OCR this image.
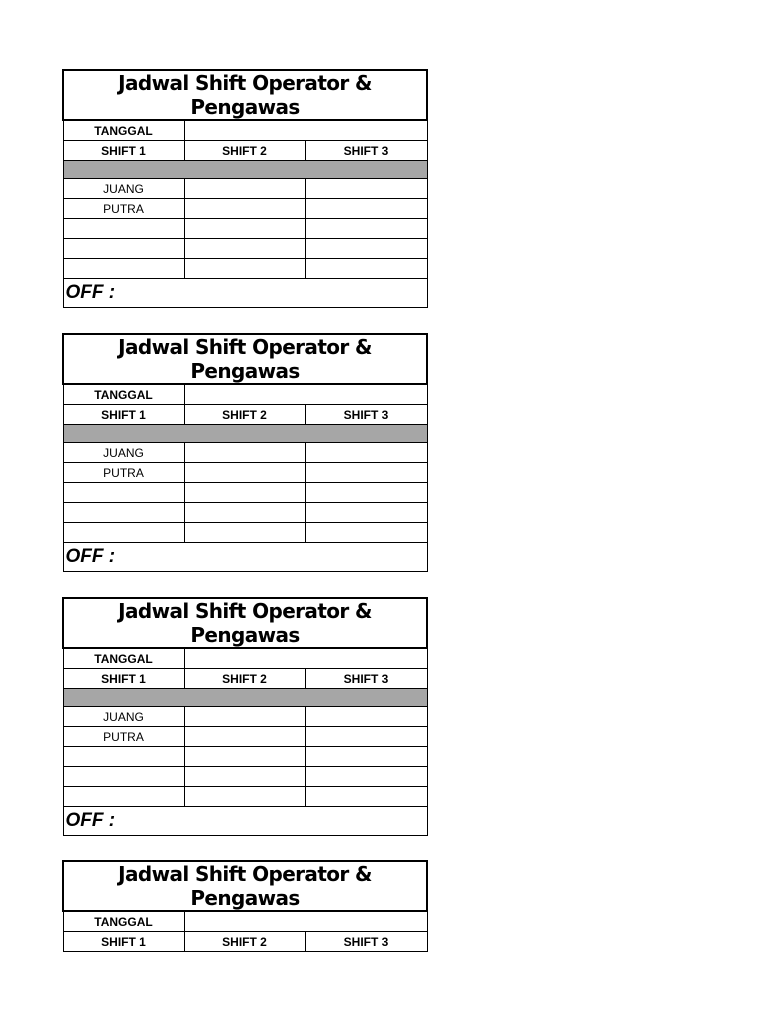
Jadwal Shift Operator & Pengawas		
TANGGAL		
SHIFT 1	SHIFT 2	SHIFT 3

JUANG		
PUTRA		

OFF :		
Jadwal Shift Operator & Pengawas		
TANGGAL		
SHIFT 1	SHIFT 2	SHIFT 3

JUANG		
PUTRA		

OFF :		
Jadwal Shift Operator & Pengawas		
TANGGAL		
SHIFT 1	SHIFT 2	SHIFT 3

JUANG		
PUTRA		

OFF :		
Jadwal Shift Operator & Pengawas		
TANGGAL		
SHIFT 1	SHIFT 2	SHIFT 3
